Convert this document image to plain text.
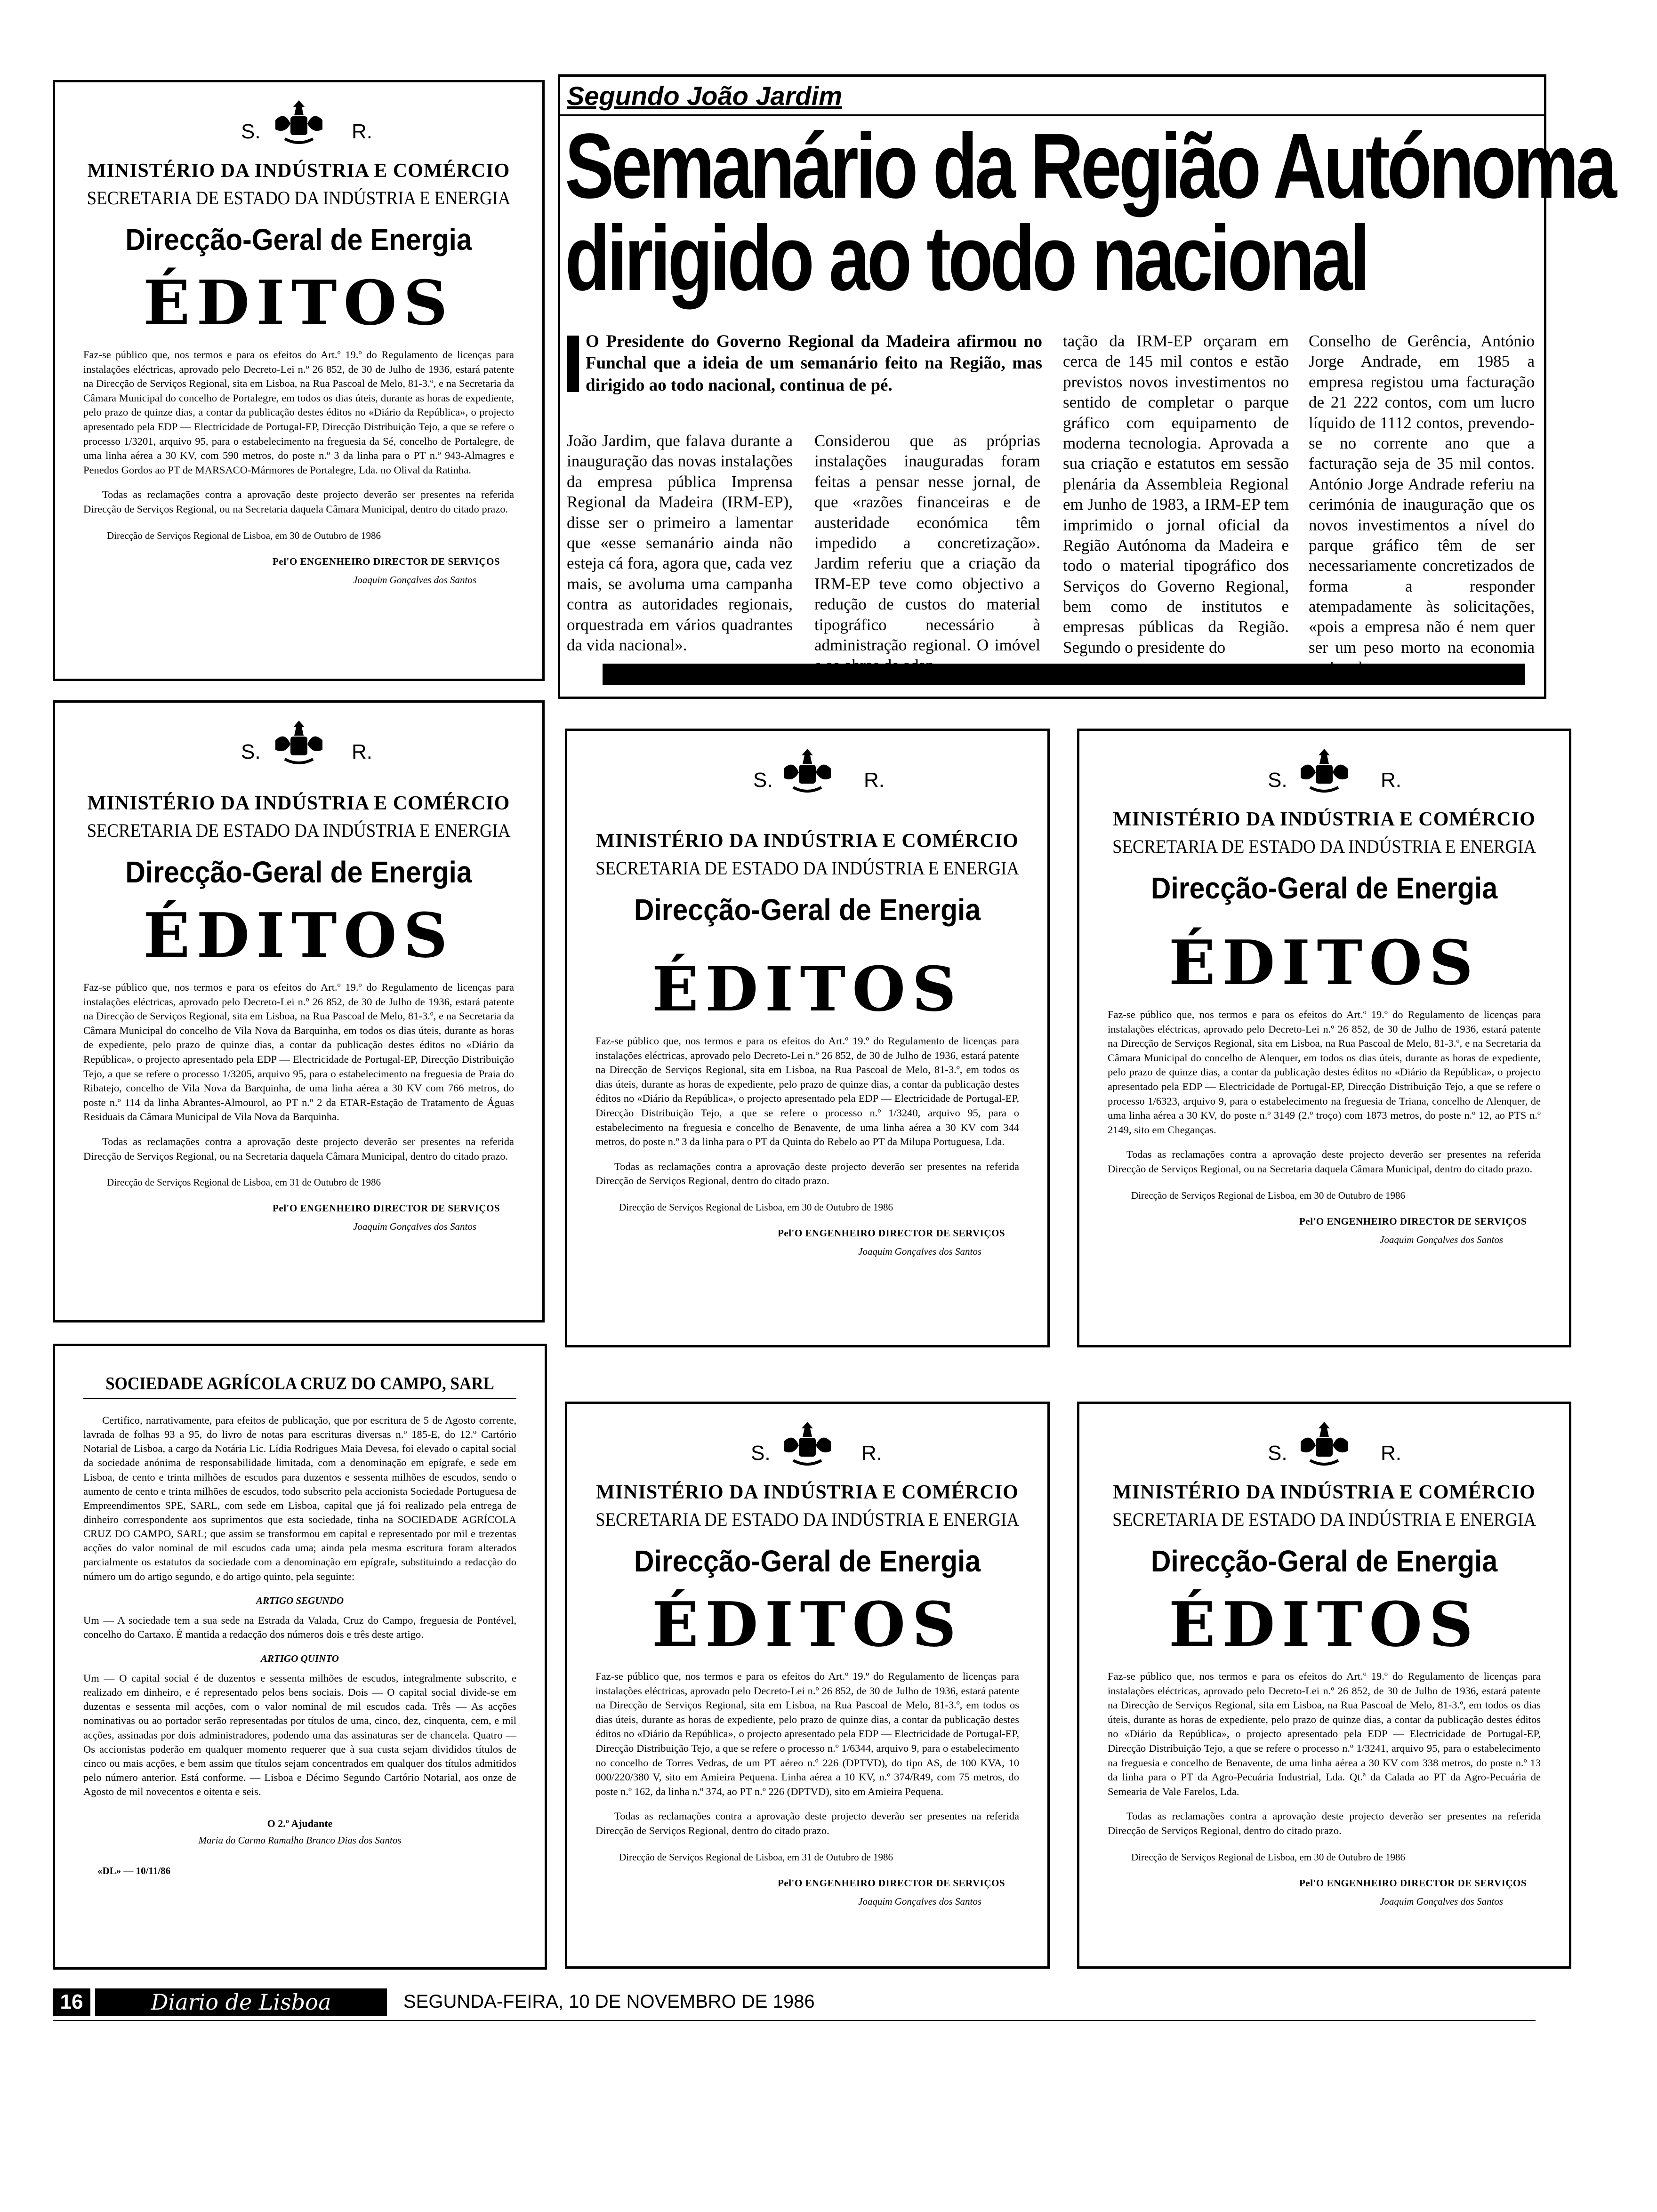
S.	R.
MINISTÉRIO DA INDÚSTRIA E COMÉRCIO
SECRETARIA DE ESTADO DA INDÚSTRIA E ENERGIA
Direcção-Geral de Energia
ÉDITOS
Faz-se público que, nos termos e para os efeitos do Art.º 19.º do Regulamento de licenças para instalações eléctricas, aprovado pelo Decreto-Lei n.º 26 852, de 30 de Julho de 1936, estará patente na Direcção de Serviços Regional, sita em Lisboa, na Rua Pascoal de Melo, 81-3.º, e na Secretaria da Câmara Municipal do concelho de Portalegre, em todos os dias úteis, durante as horas de expediente, pelo prazo de quinze dias, a contar da publicação destes éditos no «Diário da República», o projecto apresentado pela EDP — Electricidade de Portugal-EP, Direcção Distribuição Tejo, a que se refere o processo 1/3201, arquivo 95, para o estabelecimento na freguesia da Sé, concelho de Portalegre, de uma linha aérea a 30 KV, com 590 metros, do poste n.º 3 da linha para o PT n.º 943-Almagres e Penedos Gordos ao PT de MARSACO-Mármores de Portalegre, Lda. no Olival da Ratinha.
Todas as reclamações contra a aprovação deste projecto deverão ser presentes na referida Direcção de Serviços Regional, ou na Secretaria daquela Câmara Municipal, dentro do citado prazo.
Direcção de Serviços Regional de Lisboa, em 30 de Outubro de 1986
Pel'O ENGENHEIRO DIRECTOR DE SERVIÇOS
Joaquim Gonçalves dos Santos
Segundo João Jardim
Semanário da Região Autónoma
dirigido ao todo nacional
O Presidente do Governo Regional da Madeira afirmou no Funchal que a ideia de um semanário feito na Região, mas dirigido ao todo nacional, continua de pé.
João Jardim, que falava durante a inauguração das novas instalações da empresa pública Imprensa Regional da Madeira (IRM-EP), disse ser o primeiro a lamentar que «esse semanário ainda não esteja cá fora, agora que, cada vez mais, se avoluma uma campanha contra as autoridades regionais, orquestrada em vários quadrantes da vida nacional».
Considerou que as próprias instalações inauguradas foram feitas a pensar nesse jornal, de que «razões financeiras e de austeridade económica têm impedido a concretização». Jardim referiu que a criação da IRM-EP teve como objectivo a redução de custos do material tipográfico necessário à administração regional. O imóvel
tação da IRM-EP orçaram em cerca de 145 mil contos e estão previstos novos investimentos no sentido de completar o parque gráfico com equipamento de moderna tecnologia. Aprovada a sua criação e estatutos em sessão plenária da Assembleia Regional em Junho de 1983, a IRM-EP tem imprimido o jornal oficial da Região Autónoma da Madeira e todo o material tipográfico dos Serviços do Governo Regional, bem como de institutos e empresas públicas da Região. Segundo o presidente do
Conselho de Gerência, António Jorge Andrade, em 1985 a empresa registou uma facturação de 21 222 contos, com um lucro líquido de 1112 contos, prevendo-se no corrente ano que a facturação seja de 35 mil contos. António Jorge Andrade referiu na cerimónia de inauguração que os novos investimentos a nível do parque gráfico têm de ser necessariamente concretizados de forma a responder atempadamente às solicitações, «pois a empresa não é nem quer ser um peso morto na economia
S.	R.
MINISTÉRIO DA INDÚSTRIA E COMÉRCIO
SECRETARIA DE ESTADO DA INDÚSTRIA E ENERGIA
Direcção-Geral de Energia
ÉDITOS
Faz-se público que, nos termos e para os efeitos do Art.º 19.º do Regulamento de licenças para instalações eléctricas, aprovado pelo Decreto-Lei n.º 26 852, de 30 de Julho de 1936, estará patente na Direcção de Serviços Regional, sita em Lisboa, na Rua Pascoal de Melo, 81-3.º, e na Secretaria da Câmara Municipal do concelho de Vila Nova da Barquinha, em todos os dias úteis, durante as horas de expediente, pelo prazo de quinze dias, a contar da publicação destes éditos no «Diário da República», o projecto apresentado pela EDP — Electricidade de Portugal-EP, Direcção Distribuição Tejo, a que se refere o processo 1/3205, arquivo 95, para o estabelecimento na freguesia de Praia do Ribatejo, concelho de Vila Nova da Barquinha, de uma linha aérea a 30 KV com 766 metros, do poste n.º 114 da linha Abrantes-Almourol, ao PT n.º 2 da ETAR-Estação de Tratamento de Águas Residuais da Câmara Municipal de Vila Nova da Barquinha.
Todas as reclamações contra a aprovação deste projecto deverão ser presentes na referida Direcção de Serviços Regional, ou na Secretaria daquela Câmara Municipal, dentro do citado prazo.
Direcção de Serviços Regional de Lisboa, em 31 de Outubro de 1986
Pel'O ENGENHEIRO DIRECTOR DE SERVIÇOS
Joaquim Gonçalves dos Santos
S.	R.
MINISTÉRIO DA INDÚSTRIA E COMÉRCIO
SECRETARIA DE ESTADO DA INDÚSTRIA E ENERGIA
Direcção-Geral de Energia
ÉDITOS
Faz-se público que, nos termos e para os efeitos do Art.º 19.º do Regulamento de licenças para instalações eléctricas, aprovado pelo Decreto-Lei n.º 26 852, de 30 de Julho de 1936, estará patente na Direcção de Serviços Regional, sita em Lisboa, na Rua Pascoal de Melo, 81-3.º, em todos os dias úteis, durante as horas de expediente, pelo prazo de quinze dias, a contar da publicação destes éditos no «Diário da República», o projecto apresentado pela EDP — Electricidade de Portugal-EP, Direcção Distribuição Tejo, a que se refere o processo n.º 1/3240, arquivo 95, para o estabelecimento na freguesia e concelho de Benavente, de uma linha aérea a 30 KV com 344 metros, do poste n.º 3 da linha para o PT da Quinta do Rebelo ao PT da Milupa Portuguesa, Lda.
Todas as reclamações contra a aprovação deste projecto deverão ser presentes na referida Direcção de Serviços Regional, dentro do citado prazo.
Direcção de Serviços Regional de Lisboa, em 30 de Outubro de 1986
Pel'O ENGENHEIRO DIRECTOR DE SERVIÇOS
Joaquim Gonçalves dos Santos
S.	R.
MINISTÉRIO DA INDÚSTRIA E COMÉRCIO
SECRETARIA DE ESTADO DA INDÚSTRIA E ENERGIA
Direcção-Geral de Energia
ÉDITOS
Faz-se público que, nos termos e para os efeitos do Art.º 19.º do Regulamento de licenças para instalações eléctricas, aprovado pelo Decreto-Lei n.º 26 852, de 30 de Julho de 1936, estará patente na Direcção de Serviços Regional, sita em Lisboa, na Rua Pascoal de Melo, 81-3.º, e na Secretaria da Câmara Municipal do concelho de Alenquer, em todos os dias úteis, durante as horas de expediente, pelo prazo de quinze dias, a contar da publicação destes éditos no «Diário da República», o projecto apresentado pela EDP — Electricidade de Portugal-EP, Direcção Distribuição Tejo, a que se refere o processo 1/6323, arquivo 9, para o estabelecimento na freguesia de Triana, concelho de Alenquer, de uma linha aérea a 30 KV, do poste n.º 3149 (2.º troço) com 1873 metros, do poste n.º 12, ao PTS n.º 2149, sito em Cheganças.
Todas as reclamações contra a aprovação deste projecto deverão ser presentes na referida Direcção de Serviços Regional, ou na Secretaria daquela Câmara Municipal, dentro do citado prazo.
Direcção de Serviços Regional de Lisboa, em 30 de Outubro de 1986
Pel'O ENGENHEIRO DIRECTOR DE SERVIÇOS
Joaquim Gonçalves dos Santos
SOCIEDADE AGRÍCOLA CRUZ DO CAMPO, SARL

Certifico, narrativamente, para efeitos de publicação, que por escritura de 5 de Agosto corrente, lavrada de folhas 93 a 95, do livro de notas para escrituras diversas n.º 185-E, do 12.º Cartório Notarial de Lisboa, a cargo da Notária Lic. Lídia Rodrigues Maia Devesa, foi elevado o capital social da sociedade anónima de responsabilidade limitada, com a denominação em epígrafe, e sede em Lisboa, de cento e trinta milhões de escudos para duzentos e sessenta milhões de escudos, sendo o aumento de cento e trinta milhões de escudos, todo subscrito pela accionista Sociedade Portuguesa de Empreendimentos SPE, SARL, com sede em Lisboa, capital que já foi realizado pela entrega de dinheiro correspondente aos suprimentos que esta sociedade, tinha na SOCIEDADE AGRÍCOLA CRUZ DO CAMPO, SARL; que assim se transformou em capital e representado por mil e trezentas acções do valor nominal de mil escudos cada uma; ainda pela mesma escritura foram alterados parcialmente os estatutos da sociedade com a denominação em epígrafe, substituindo a redacção do número um do artigo segundo, e do artigo quinto, pela seguinte:

ARTIGO SEGUNDO

Um — A sociedade tem a sua sede na Estrada da Valada, Cruz do Campo, freguesia de Pontével, concelho do Cartaxo. É mantida a redacção dos números dois e três deste artigo.

ARTIGO QUINTO

Um — O capital social é de duzentos e sessenta milhões de escudos, integralmente subscrito, e realizado em dinheiro, e é representado pelos bens sociais. Dois — O capital social divide-se em duzentas e sessenta mil acções, com o valor nominal de mil escudos cada. Três — As acções nominativas ou ao portador serão representadas por títulos de uma, cinco, dez, cinquenta, cem, e mil acções, assinadas por dois administradores, podendo uma das assinaturas ser de chancela. Quatro — Os accionistas poderão em qualquer momento requerer que à sua custa sejam divididos títulos de cinco ou mais acções, e bem assim que títulos sejam concentrados em qualquer dos títulos admitidos pelo número anterior. Está conforme. — Lisboa e Décimo Segundo Cartório Notarial, aos onze de Agosto de mil novecentos e oitenta e seis.

O 2.º Ajudante
Maria do Carmo Ramalho Branco Dias dos Santos
«DL» — 10/11/86
S.	R.
MINISTÉRIO DA INDÚSTRIA E COMÉRCIO
SECRETARIA DE ESTADO DA INDÚSTRIA E ENERGIA
Direcção-Geral de Energia
ÉDITOS
Faz-se público que, nos termos e para os efeitos do Art.º 19.º do Regulamento de licenças para instalações eléctricas, aprovado pelo Decreto-Lei n.º 26 852, de 30 de Julho de 1936, estará patente na Direcção de Serviços Regional, sita em Lisboa, na Rua Pascoal de Melo, 81-3.º, em todos os dias úteis, durante as horas de expediente, pelo prazo de quinze dias, a contar da publicação destes éditos no «Diário da República», o projecto apresentado pela EDP — Electricidade de Portugal-EP, Direcção Distribuição Tejo, a que se refere o processo n.º 1/6344, arquivo 9, para o estabelecimento no concelho de Torres Vedras, de um PT aéreo n.º 226 (DPTVD), do tipo AS, de 100 KVA, 10 000/220/380 V, sito em Amieira Pequena. Linha aérea a 10 KV, n.º 374/R49, com 75 metros, do poste n.º 162, da linha n.º 374, ao PT n.º 226 (DPTVD), sito em Amieira Pequena.
Todas as reclamações contra a aprovação deste projecto deverão ser presentes na referida Direcção de Serviços Regional, dentro do citado prazo.
Direcção de Serviços Regional de Lisboa, em 31 de Outubro de 1986
Pel'O ENGENHEIRO DIRECTOR DE SERVIÇOS
Joaquim Gonçalves dos Santos
S.	R.
MINISTÉRIO DA INDÚSTRIA E COMÉRCIO
SECRETARIA DE ESTADO DA INDÚSTRIA E ENERGIA
Direcção-Geral de Energia
ÉDITOS
Faz-se público que, nos termos e para os efeitos do Art.º 19.º do Regulamento de licenças para instalações eléctricas, aprovado pelo Decreto-Lei n.º 26 852, de 30 de Julho de 1936, estará patente na Direcção de Serviços Regional, sita em Lisboa, na Rua Pascoal de Melo, 81-3.º, em todos os dias úteis, durante as horas de expediente, pelo prazo de quinze dias, a contar da publicação destes éditos no «Diário da República», o projecto apresentado pela EDP — Electricidade de Portugal-EP, Direcção Distribuição Tejo, a que se refere o processo n.º 1/3241, arquivo 95, para o estabelecimento na freguesia e concelho de Benavente, de uma linha aérea a 30 KV com 338 metros, do poste n.º 13 da linha para o PT da Agro-Pecuária Industrial, Lda. Qt.ª da Calada ao PT da Agro-Pecuária de Semearia de Vale Farelos, Lda.
Todas as reclamações contra a aprovação deste projecto deverão ser presentes na referida Direcção de Serviços Regional, dentro do citado prazo.
Direcção de Serviços Regional de Lisboa, em 30 de Outubro de 1986
Pel'O ENGENHEIRO DIRECTOR DE SERVIÇOS
Joaquim Gonçalves dos Santos
16	Diario de Lisboa	SEGUNDA-FEIRA, 10 DE NOVEMBRO DE 1986
